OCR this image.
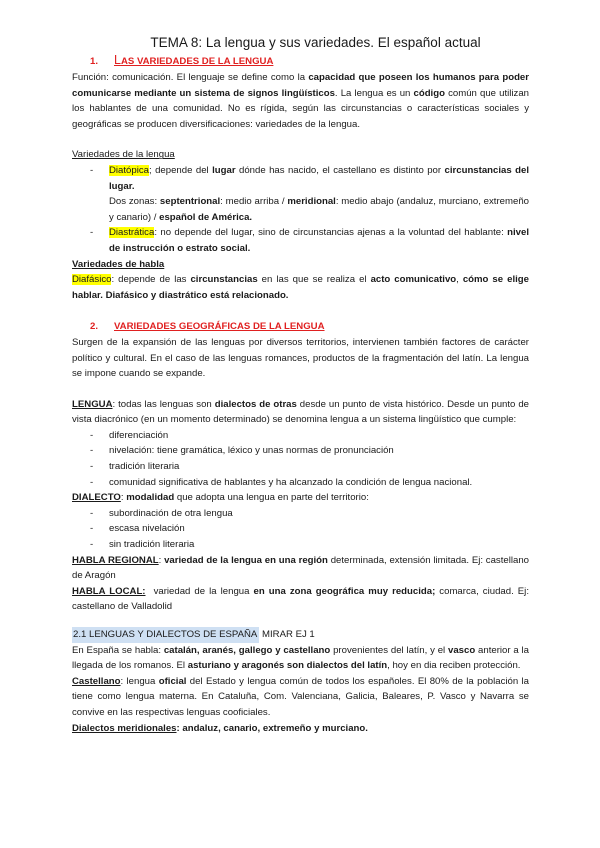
TEMA 8: La lengua y sus variedades. El español actual
1. LAS VARIEDADES DE LA LENGUA

Función: comunicación. El lenguaje se define como la capacidad que poseen los humanos para poder comunicarse mediante un sistema de signos lingüísticos. La lengua es un código común que utilizan los hablantes de una comunidad. No es rígida, según las circunstancias o características sociales y geográficas se producen diversificaciones: variedades de la lengua.

Variedades de la lengua

- Diatópica; depende del lugar dónde has nacido, el castellano es distinto por circunstancias del lugar.

Dos zonas: septentrional: medio arriba / meridional: medio abajo (andaluz, murciano, extremeño y canario) / español de América.

- Diastrática: no depende del lugar, sino de circunstancias ajenas a la voluntad del hablante: nivel de instrucción o estrato social.

Variedades de habla

Diafásico: depende de las circunstancias en las que se realiza el acto comunicativo, cómo se elige hablar. Diafásico y diastrático está relacionado.

2. VARIEDADES GEOGRÁFICAS DE LA LENGUA

Surgen de la expansión de las lenguas por diversos territorios, intervienen también factores de carácter político y cultural. En el caso de las lenguas romances, productos de la fragmentación del latín. La lengua se impone cuando se expande.

LENGUA: todas las lenguas son dialectos de otras desde un punto de vista histórico. Desde un punto de vista diacrónico (en un momento determinado) se denomina lengua a un sistema lingüístico que cumple:

- diferenciación
- nivelación: tiene gramática, léxico y unas normas de pronunciación
- tradición literaria
- comunidad significativa de hablantes y ha alcanzado la condición de lengua nacional.

DIALECTO: modalidad que adopta una lengua en parte del territorio:

- subordinación de otra lengua
- escasa nivelación
- sin tradición literaria

HABLA REGIONAL: variedad de la lengua en una región determinada, extensión limitada. Ej: castellano de Aragón

HABLA LOCAL:  variedad de la lengua en una zona geográfica muy reducida; comarca, ciudad. Ej: castellano de Valladolid

2.1 LENGUAS Y DIALECTOS DE ESPAÑA MIRAR EJ 1

En España se habla: catalán, aranés, gallego y castellano provenientes del latín, y el vasco anterior a la llegada de los romanos. El asturiano y aragonés son dialectos del latín, hoy en dia reciben protección.

Castellano: lengua oficial del Estado y lengua común de todos los españoles. El 80% de la población la tiene como lengua materna. En Cataluña, Com. Valenciana, Galicia, Baleares, P. Vasco y Navarra se convive en las respectivas lenguas cooficiales.

Dialectos meridionales: andaluz, canario, extremeño y murciano.
